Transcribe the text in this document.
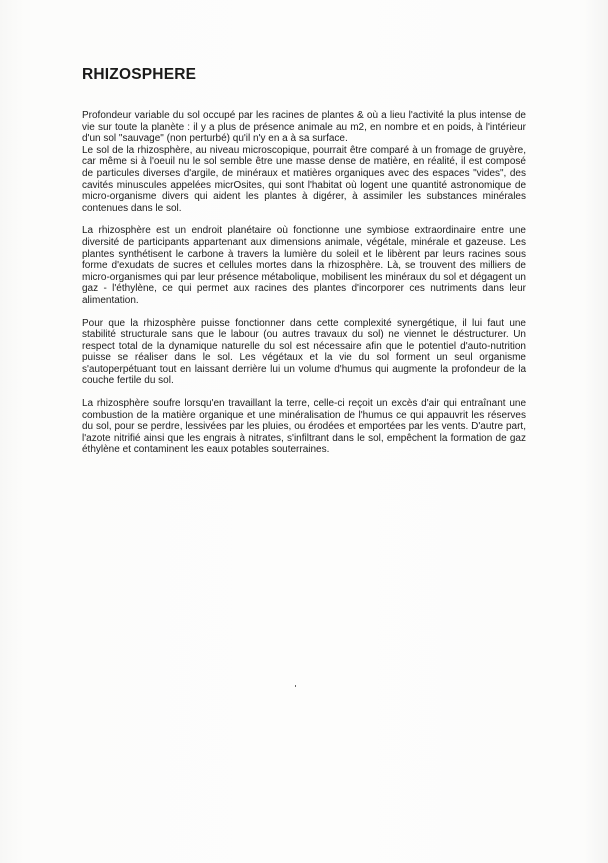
RHIZOSPHERE

Profondeur variable du sol occupé par les racines de plantes & où a lieu l'activité la plus intense de vie sur toute la planète : il y a plus de présence animale au m2, en nombre et en poids, à l'intérieur d'un sol "sauvage" (non perturbé) qu'il n'y en a à sa surface.

Le sol de la rhizosphère, au niveau microscopique, pourrait être comparé à un fromage de gruyère, car même si à l'oeuil nu le sol semble être une masse dense de matière, en réalité, il est composé de particules diverses d'argile, de minéraux et matières organiques avec des espaces "vides", des cavités minuscules appelées micrOsites, qui sont l'habitat où logent une quantité astronomique de micro-organisme divers qui aident les plantes à digérer, à assimiler les substances minérales contenues dans le sol.

La rhizosphère est un endroit planétaire où fonctionne une symbiose extraordinaire entre une diversité de participants appartenant aux dimensions animale, végétale, minérale et gazeuse. Les plantes synthétisent le carbone à travers la lumière du soleil et le libèrent par leurs racines sous forme d'exudats de sucres et cellules mortes dans la rhizosphère. Là, se trouvent des milliers de micro-organismes qui par leur présence métabolique, mobilisent les minéraux du sol et dégagent un gaz - l'éthylène, ce qui permet aux racines des plantes d'incorporer ces nutriments dans leur alimentation.

Pour que la rhizosphère puisse fonctionner dans cette complexité synergétique, il lui faut une stabilité structurale sans que le labour (ou autres travaux du sol) ne viennet le déstructurer. Un respect total de la dynamique naturelle du sol est nécessaire afin que le potentiel d'auto-nutrition puisse se réaliser dans le sol. Les végétaux et la vie du sol forment un seul organisme s'autoperpétuant tout en laissant derrière lui un volume d'humus qui augmente la profondeur de la couche fertile du sol.

La rhizosphère soufre lorsqu'en travaillant la terre, celle-ci reçoit un excès d'air qui entraînant une combustion de la matière organique et une minéralisation de l'humus ce qui appauvrit les réserves du sol, pour se perdre, lessivées par les pluies, ou érodées et emportées par les vents. D'autre part, l'azote nitrifié ainsi que les engrais à nitrates, s'infiltrant dans le sol, empêchent la formation de gaz éthylène et contaminent les eaux potables souterraines.
